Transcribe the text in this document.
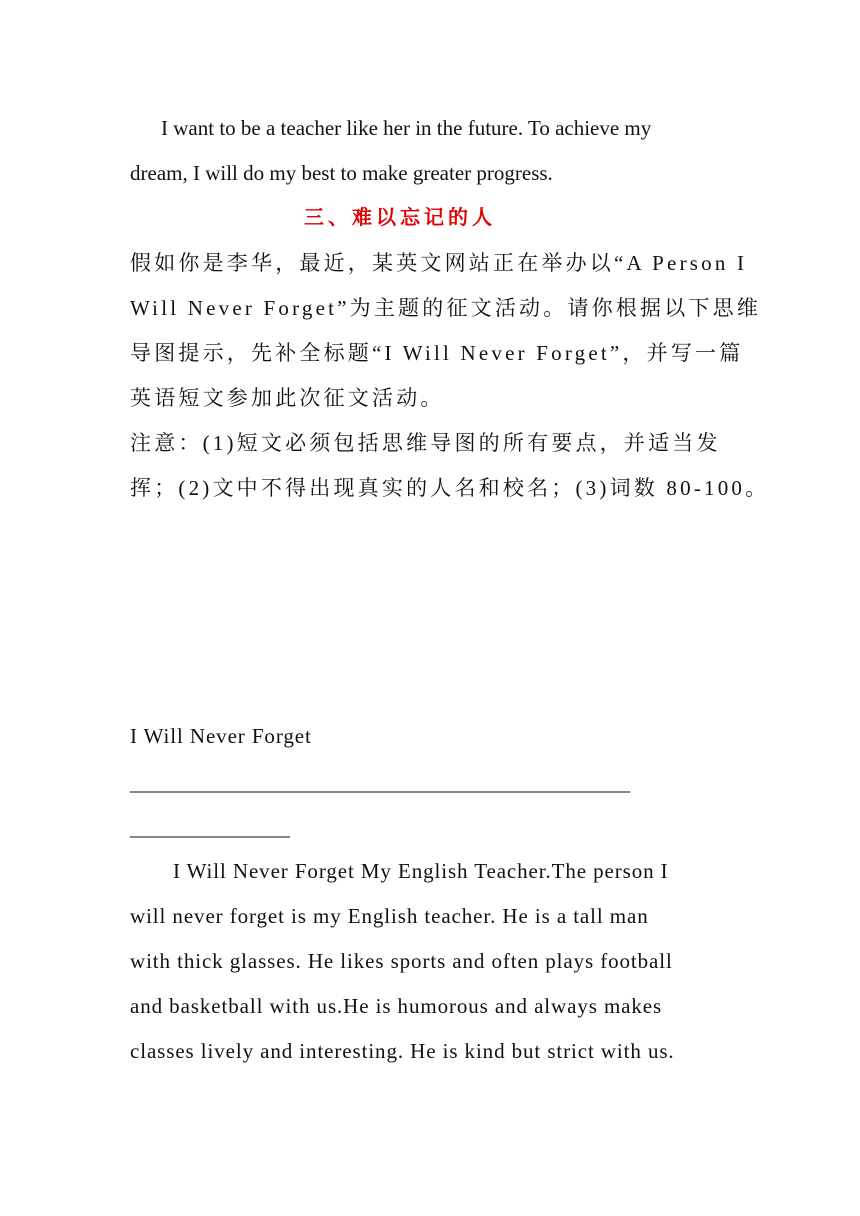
I want to be a teacher like her in the future. To achieve my
dream, I will do my best to make greater progress.
三、难以忘记的人
假如你是李华，最近，某英文网站正在举办以“A Person I
Will Never Forget”为主题的征文活动。请你根据以下思维
导图提示，先补全标题“I Will Never Forget”，并写一篇
英语短文参加此次征文活动。
注意：(1)短文必须包括思维导图的所有要点，并适当发
挥；(2)文中不得出现真实的人名和校名；(3)词数 80-100。
I Will Never Forget
__________________________________________________
________________
I Will Never Forget My English Teacher.The person I
will never forget is my English teacher. He is a tall man
with thick glasses. He likes sports and often plays football
and basketball with us.He is humorous and always makes
classes lively and interesting. He is kind but strict with us.
